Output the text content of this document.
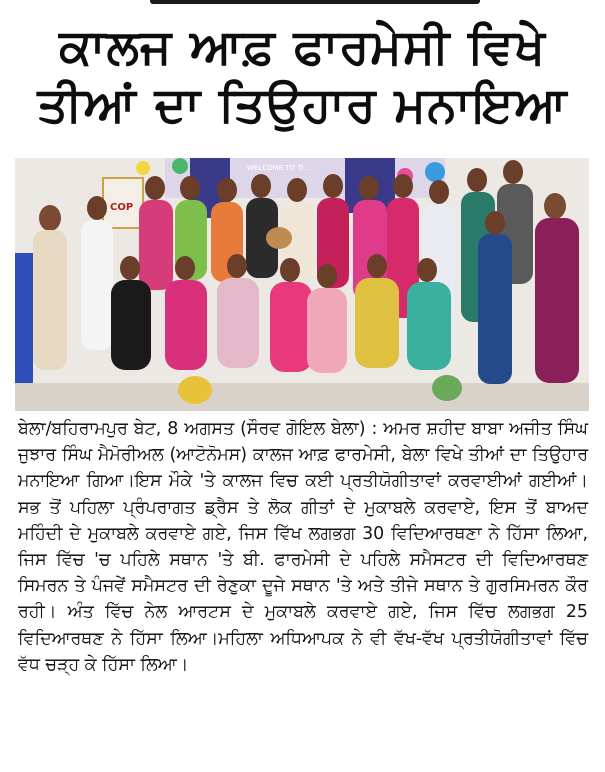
ਕਾਲਜ ਆਫ਼ ਫਾਰਮੇਸੀ ਵਿਖੇ
ਤੀਆਂ ਦਾ ਤਿਉਹਾਰ ਮਨਾਇਆ
COP
WELCOME TO TI...

ਬੇਲਾ/ਬਹਿਰਾਮਪੁਰ ਬੇਟ, 8 ਅਗਸਤ (ਸੌਰਵ ਗੋਇਲ ਬੇਲਾ) : ਅਮਰ ਸ਼ਹੀਦ ਬਾਬਾ ਅਜੀਤ ਸਿੰਘ ਜੁਝਾਰ ਸਿੰਘ ਮੈਮੋਰੀਅਲ (ਆਟੋਨੋਮਸ) ਕਾਲਜ ਆਫ਼ ਫਾਰਮੇਸੀ, ਬੇਲਾ ਵਿਖੇ ਤੀਆਂ ਦਾ ਤਿਉਹਾਰ ਮਨਾਇਆ ਗਿਆ।ਇਸ ਮੌਕੇ 'ਤੇ ਕਾਲਜ ਵਿਚ ਕਈ ਪ੍ਰਤੀਯੋਗੀਤਾਵਾਂ ਕਰਵਾਈਆਂ ਗਈਆਂ। ਸਭ ਤੋਂ ਪਹਿਲਾ ਪ੍ਰੰਪਰਾਗਤ ਡ੍ਰੈਸ ਤੇ ਲੋਕ ਗੀਤਾਂ ਦੇ ਮੁਕਾਬਲੇ ਕਰਵਾਏ, ਇਸ ਤੋਂ ਬਾਅਦ ਮਹਿੰਦੀ ਦੇ ਮੁਕਾਬਲੇ ਕਰਵਾਏ ਗਏ, ਜਿਸ ਵਿੱਖ ਲਗਭਗ 30 ਵਿਦਿਆਰਥਣਾ ਨੇ ਹਿੱਸਾ ਲਿਆ, ਜਿਸ ਵਿੱਚ 'ਚ ਪਹਿਲੇ ਸਥਾਨ 'ਤੇ ਬੀ. ਫਾਰਮੇਸੀ ਦੇ ਪਹਿਲੇ ਸਮੈਸਟਰ ਦੀ ਵਿਦਿਆਰਥਣ ਸਿਮਰਨ ਤੇ ਪੰਜਵੇਂ ਸਮੈਸਟਰ ਦੀ ਰੇਣੁਕਾ ਦੂਜੇ ਸਥਾਨ 'ਤੇ ਅਤੇ ਤੀਜੇ ਸਥਾਨ ਤੇ ਗੁਰਸਿਮਰਨ ਕੌਰ ਰਹੀ। ਅੰਤ ਵਿੱਚ ਨੇਲ ਆਰਟਸ ਦੇ ਮੁਕਾਬਲੇ ਕਰਵਾਏ ਗਏ, ਜਿਸ ਵਿੱਚ ਲਗਭਗ 25 ਵਿਦਿਆਰਥਣ ਨੇ ਹਿੱਸਾ ਲਿਆ।ਮਹਿਲਾ ਅਧਿਆਪਕ ਨੇ ਵੀ ਵੱਖ-ਵੱਖ ਪ੍ਰਤੀਯੋਗੀਤਾਵਾਂ ਵਿੱਚ ਵੱਧ ਚੜ੍ਹ ਕੇ ਹਿੱਸਾ ਲਿਆ।
